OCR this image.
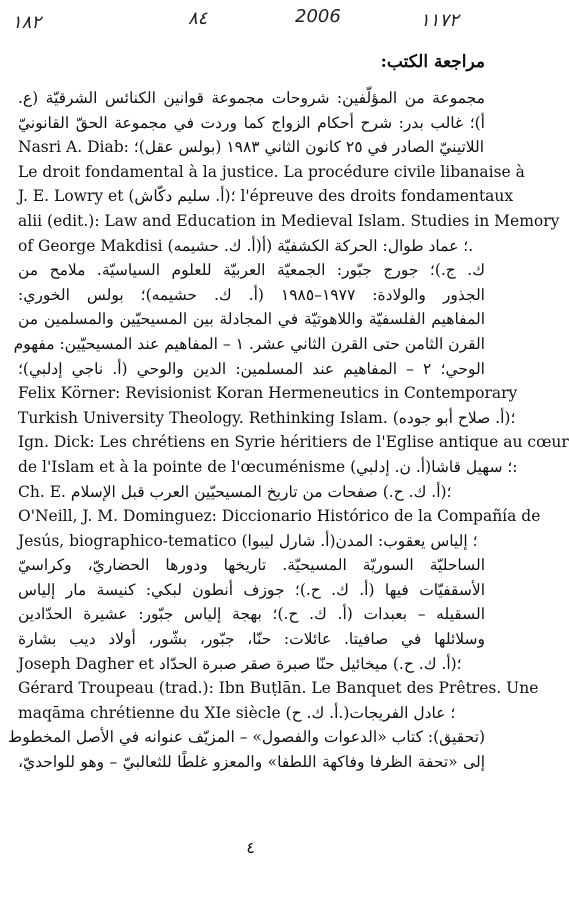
۱۸۲	٨٤	2006	۱۱۷۲
مراجعة الكتب:
مجموعة من المؤلّفين: شروحات مجموعة قوانين الكنائس الشرقيّة (ع.
أ)؛ غالب بدر: شرح أحكام الزواج كما وردت في مجموعة الحقّ القانونيّ
Nasri A. Diab: اللاتينيّ الصادر في ٢٥ كانون الثاني ١٩٨٣ (بولس عقل)؛
Le droit fondamental à la justice. La procédure civile libanaise à
J. E. Lowry et ؛(أ. سليم دكّاش) l'épreuve des droits fondamentaux
alii (edit.): Law and Education in Medieval Islam. Studies in Memory
of George Makdisi (أ. ك. حشيمه)؛ عماد طوال: الحركة الكشفيّة (أ.
ك. ج.)؛ جورج جبّور: الجمعيّة العربيّة للعلوم السياسيّة. ملامح من
الجذور والولادة: ١٩٧٧–١٩٨٥ (أ. ك. حشيمه)؛ بولس الخوري:
المفاهيم الفلسفيّة واللاهوتيّة في المجادلة بين المسيحيّين والمسلمين من
القرن الثامن حتى القرن الثاني عشر. ١ – المفاهيم عند المسيحيّين: مفهوم
الوحي؛ ٢ – المفاهيم عند المسلمين: الدين والوحي (أ. ناجي إدلبي)؛
Felix Körner: Revisionist Koran Hermeneutics in Contemporary
Turkish University Theology. Rethinking Islam. (أ. صلاح أبو جوده)؛
Ign. Dick: Les chrétiens en Syrie héritiers de l'Eglise antique au cœur
de l'Islam et à la pointe de l'œcuménisme (أ. ن. إدلبي)؛ سهيل قاشا:
Ch. E. ؛(أ. ك. ح.) صفحات من تاريخ المسيحيّين العرب قبل الإسلام
O'Neill, J. M. Dominguez: Diccionario Histórico de la Compañía de
Jesús, biographico-tematico (أ. شارل ليبوا)؛ إلياس يعقوب: المدن
الساحليّة السوريّة المسيحيّة. تاريخها ودورها الحضاريّ، وكراسيّ
الأسقفيّات فيها (أ. ك. ح.)؛ جوزف أنطون لبكي: كنيسة مار إلياس
السقيله – بعبدات (أ. ك. ح.)؛ بهجة إلياس جبّور: عشيرة الحدّادين
وسلائلها في صافيتا. عائلات: حنّا، جبّور، بشّور، أولاد ديب بشارة
Joseph Dagher et ؛(أ. ك. ح.) ميخائيل حنّا صبرة صقر صبرة الحدّاد
Gérard Troupeau (trad.): Ibn Buṭlān. Le Banquet des Prêtres. Une
maqāma chrétienne du XIe siècle (أ. ك. ح.)؛ عادل الفريجات
(تحقيق): كتاب «الدعوات والفصول» – المزيّف عنوانه في الأصل المخطوط
إلى «تحفة الظرفا وفاكهة اللطفا» والمعزو غلطًا للثعالبيّ – وهو للواحديّ،
٤
